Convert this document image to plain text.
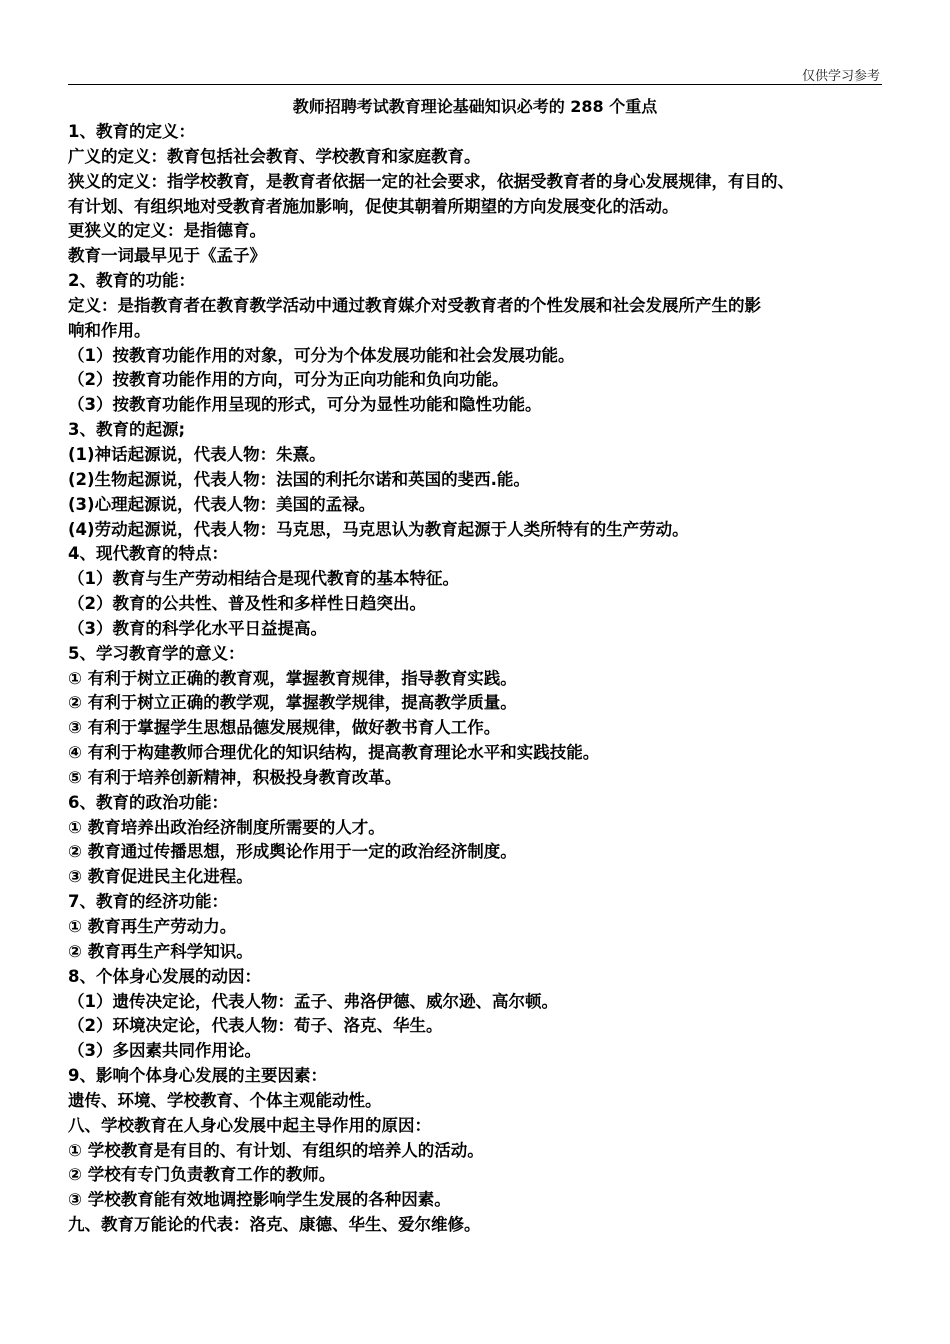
仅供学习参考
教师招聘考试教育理论基础知识必考的 288 个重点
1、教育的定义：
广义的定义：教育包括社会教育、学校教育和家庭教育。
狭义的定义：指学校教育，是教育者依据一定的社会要求，依据受教育者的身心发展规律，有目的、
有计划、有组织地对受教育者施加影响，促使其朝着所期望的方向发展变化的活动。
更狭义的定义：是指德育。
教育一词最早见于《孟子》
2、教育的功能：
定义：是指教育者在教育教学活动中通过教育媒介对受教育者的个性发展和社会发展所产生的影
响和作用。
（1）按教育功能作用的对象，可分为个体发展功能和社会发展功能。
（2）按教育功能作用的方向，可分为正向功能和负向功能。
（3）按教育功能作用呈现的形式，可分为显性功能和隐性功能。
3、教育的起源;
(1)神话起源说，代表人物：朱熹。
(2)生物起源说，代表人物：法国的利托尔诺和英国的斐西.能。
(3)心理起源说，代表人物：美国的孟禄。
(4)劳动起源说，代表人物：马克思，马克思认为教育起源于人类所特有的生产劳动。
4、现代教育的特点：
（1）教育与生产劳动相结合是现代教育的基本特征。
（2）教育的公共性、普及性和多样性日趋突出。
（3）教育的科学化水平日益提高。
5、学习教育学的意义：
① 有利于树立正确的教育观，掌握教育规律，指导教育实践。
② 有利于树立正确的教学观，掌握教学规律，提高教学质量。
③ 有利于掌握学生思想品德发展规律，做好教书育人工作。
④ 有利于构建教师合理优化的知识结构，提高教育理论水平和实践技能。
⑤ 有利于培养创新精神，积极投身教育改革。
6、教育的政治功能：
① 教育培养出政治经济制度所需要的人才。
② 教育通过传播思想，形成舆论作用于一定的政治经济制度。
③ 教育促进民主化进程。
7、教育的经济功能：
① 教育再生产劳动力。
② 教育再生产科学知识。
8、个体身心发展的动因：
（1）遗传决定论，代表人物：孟子、弗洛伊德、威尔逊、高尔顿。
（2）环境决定论，代表人物：荀子、洛克、华生。
（3）多因素共同作用论。
9、影响个体身心发展的主要因素：
遗传、环境、学校教育、个体主观能动性。
八、学校教育在人身心发展中起主导作用的原因：
① 学校教育是有目的、有计划、有组织的培养人的活动。
② 学校有专门负责教育工作的教师。
③ 学校教育能有效地调控影响学生发展的各种因素。
九、教育万能论的代表：洛克、康德、华生、爱尔维修。
